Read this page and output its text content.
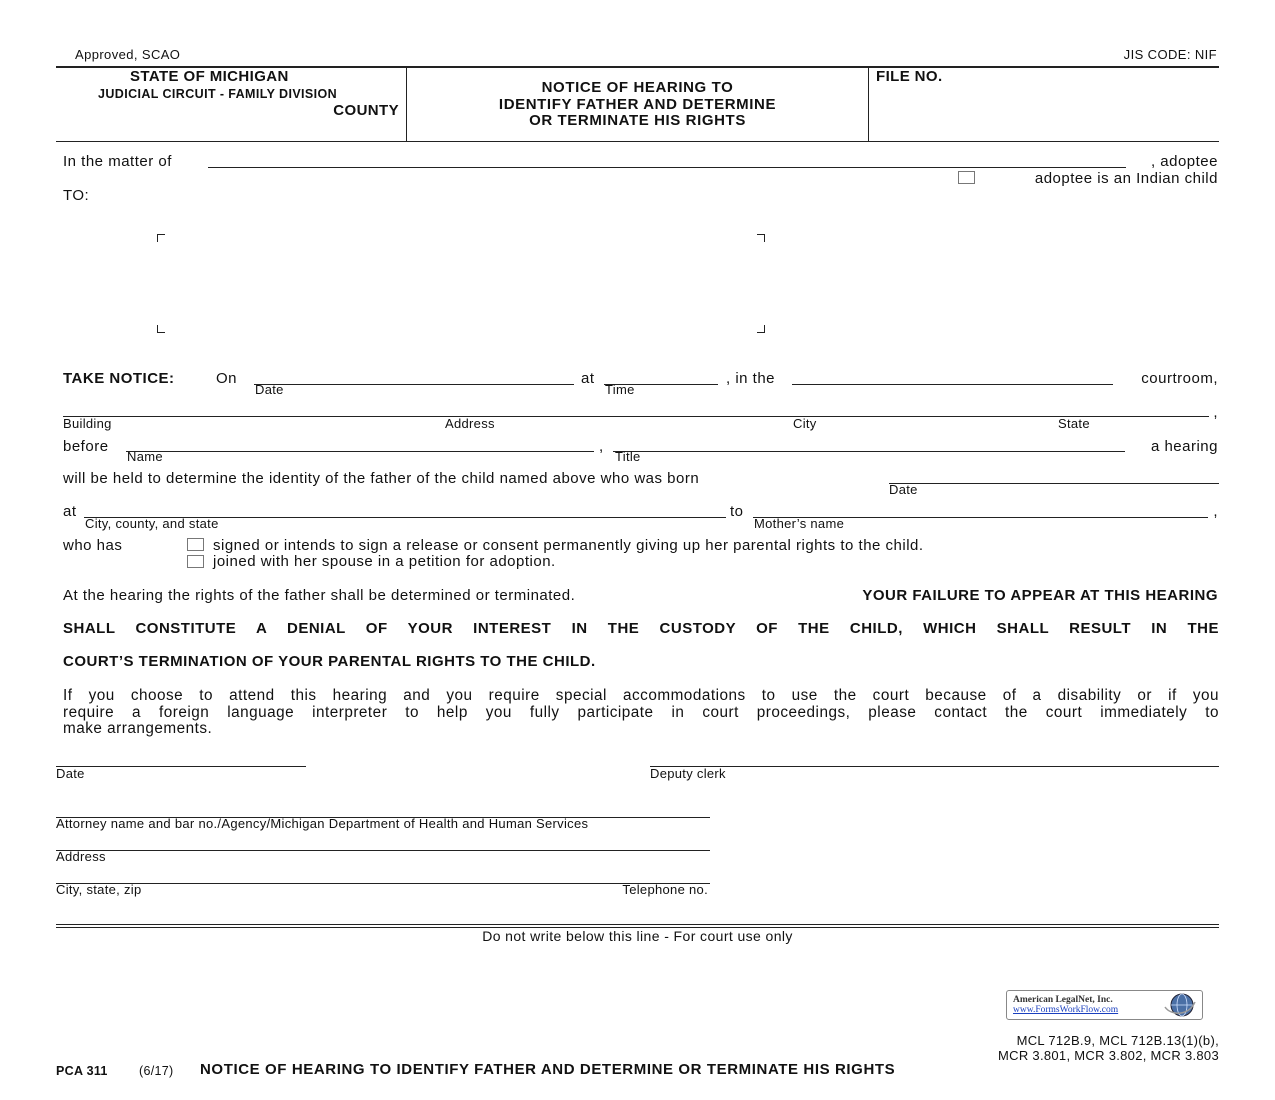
Approved, SCAO	JIS CODE: NIF
STATE OF MICHIGAN
JUDICIAL CIRCUIT - FAMILY DIVISION
COUNTY
NOTICE OF HEARING TO
IDENTIFY FATHER AND DETERMINE
OR TERMINATE HIS RIGHTS
FILE NO.
In the matter of	, adoptee
adoptee is an Indian child
TO:
TAKE NOTICE:	On
Date
at
Time
, in the	courtroom,
,
Building	Address	City	State
before
Name
,
Title
a hearing
will be held to determine the identity of the father of the child named above who was born
Date
at
City, county, and state
to
Mother’s name
,
who has	signed or intends to sign a release or consent permanently giving up her parental rights to the child.
joined with her spouse in a petition for adoption.
At the hearing the rights of the father shall be determined or terminated.	YOUR FAILURE TO APPEAR AT THIS HEARING
SHALL CONSTITUTE A DENIAL OF YOUR INTEREST IN THE CUSTODY OF THE CHILD, WHICH SHALL RESULT IN THE
COURT’S TERMINATION OF YOUR PARENTAL RIGHTS TO THE CHILD.
If you choose to attend this hearing and you require special accommodations to use the court because of a disability or if you
require a foreign language interpreter to help you fully participate in court proceedings, please contact the court immediately to
make arrangements.
Date	Deputy clerk
Attorney name and bar no./Agency/Michigan Department of Health and Human Services
Address
City, state, zip	Telephone no.
Do not write below this line - For court use only
American LegalNet, Inc.
www.FormsWorkFlow.com
MCL 712B.9, MCL 712B.13(1)(b),
MCR 3.801, MCR 3.802, MCR 3.803
PCA 311	(6/17) NOTICE OF HEARING TO IDENTIFY FATHER AND DETERMINE OR TERMINATE HIS RIGHTS
